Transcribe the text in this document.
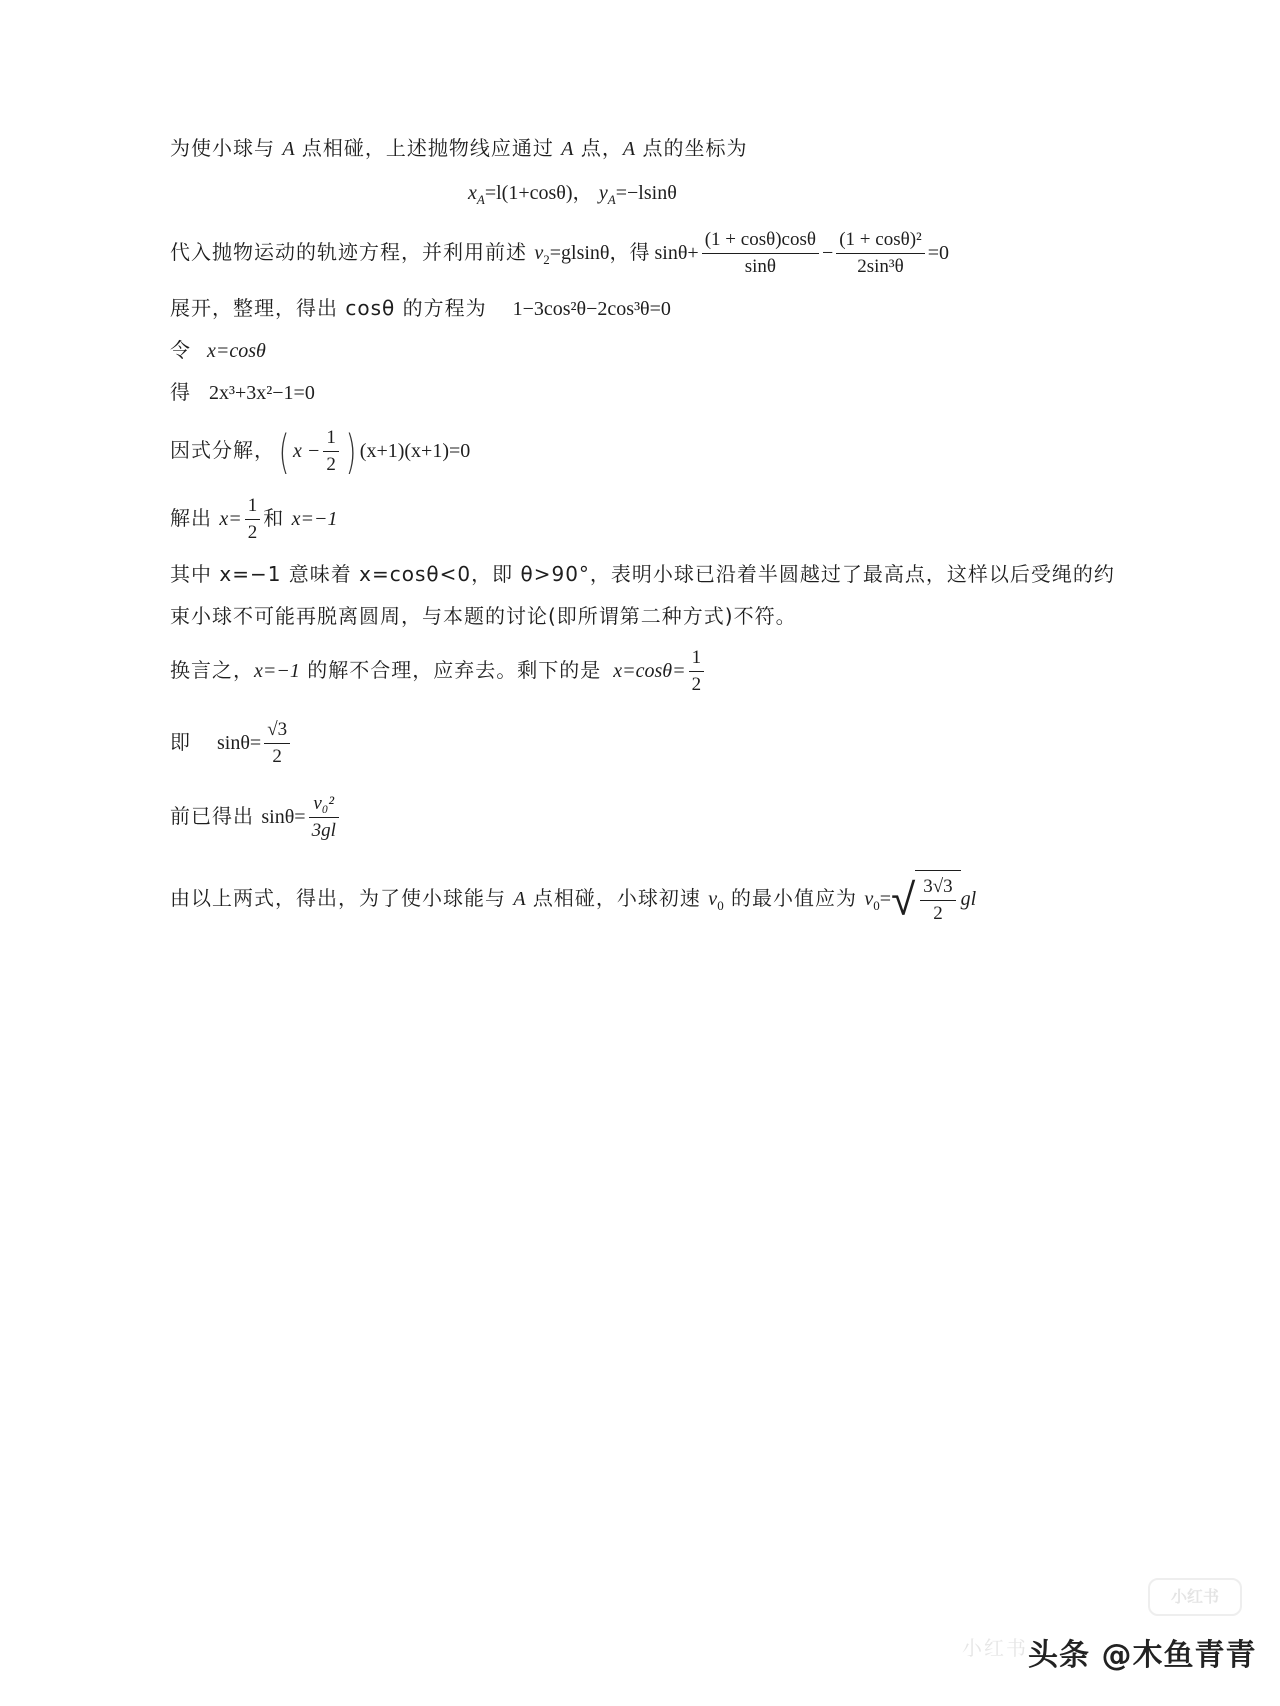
为使小球与 A 点相碰，上述抛物线应通过 A 点，A 点的坐标为
$x_A=l(1+\cos\theta)$， $y_A=-lsin\theta$
代入抛物运动的轨迹方程，并利用前述 $v_2=glsin\theta$，得 $\sin\theta+ \frac{(1 + \cos\theta)\cos\theta}{\sin\theta} - \frac{\text{(1 + cosθ)²}}{\text{2sin³θ}} =0$
展开，整理，得出 cosθ 的方程为 1−3cos²θ−2cos³θ=0
令 x=cosθ
得 2x³+3x²−1=0
因式分解，( $x - \frac{1}{2}$ ) (x+1)(x+1)=0
解出 $x= \frac{1}{2}$ 和 x=−1
其中 x=−1 意味着 x=cosθ<0，即 θ>90°，表明小球已沿着半圆越过了最高点，这样以后受绳的约
束小球不可能再脱离圆周，与本题的讨论(即所谓第二种方式)不符。
换言之，x=−1 的解不合理，应弃去。剩下的是 $x=\cos\theta= \frac{1}{2}$
即 $\sin\theta= \frac{√3}{2}$
前已得出 $\sin\theta= \frac{\text{v₀²}}{3gl}$
由以上两式，得出，为了使小球能与 A 点相碰，小球初速 $v_0$ 的最小值应为 $v_0=√ \frac{3√3}{2}$ gl
小红书
小红书 头条 @木鱼青青
